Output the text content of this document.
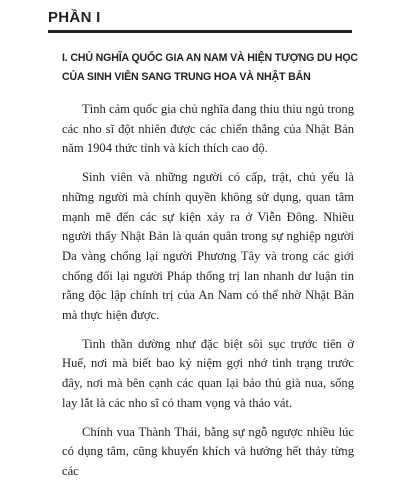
PHẦN I
I. CHỦ NGHĨA QUỐC GIA AN NAM VÀ HIỆN TƯỢNG DU HỌC CỦA SINH VIÊN SANG TRUNG HOA VÀ NHẬT BẢN

Tình cảm quốc gia chủ nghĩa đang thiu thiu ngủ trong các nho sĩ đột nhiên được các chiến thắng của Nhật Bản năm 1904 thức tỉnh và kích thích cao độ.

Sinh viên và những người có cấp, trật, chủ yếu là những người mà chính quyền không sử dụng, quan tâm mạnh mẽ đến các sự kiện xảy ra ở Viễn Đông. Nhiều người thấy Nhật Bản là quán quân trong sự nghiệp người Da vàng chống lại người Phương Tây và trong các giới chống đối lại người Pháp thống trị lan nhanh dư luận tin rằng độc lập chính trị của An Nam có thể nhờ Nhật Bản mà thực hiện được.

Tinh thần dường như đặc biệt sôi sục trước tiên ở Huế, nơi mà biết bao kỷ niệm gợi nhớ tình trạng trước đây, nơi mà bên cạnh các quan lại bảo thủ già nua, sống lay lắt là các nho sĩ có tham vọng và tháo vát.

Chính vua Thành Thái, bằng sự ngỗ ngược nhiều lúc có dụng tâm, cũng khuyến khích và hướng hết thảy từng các
